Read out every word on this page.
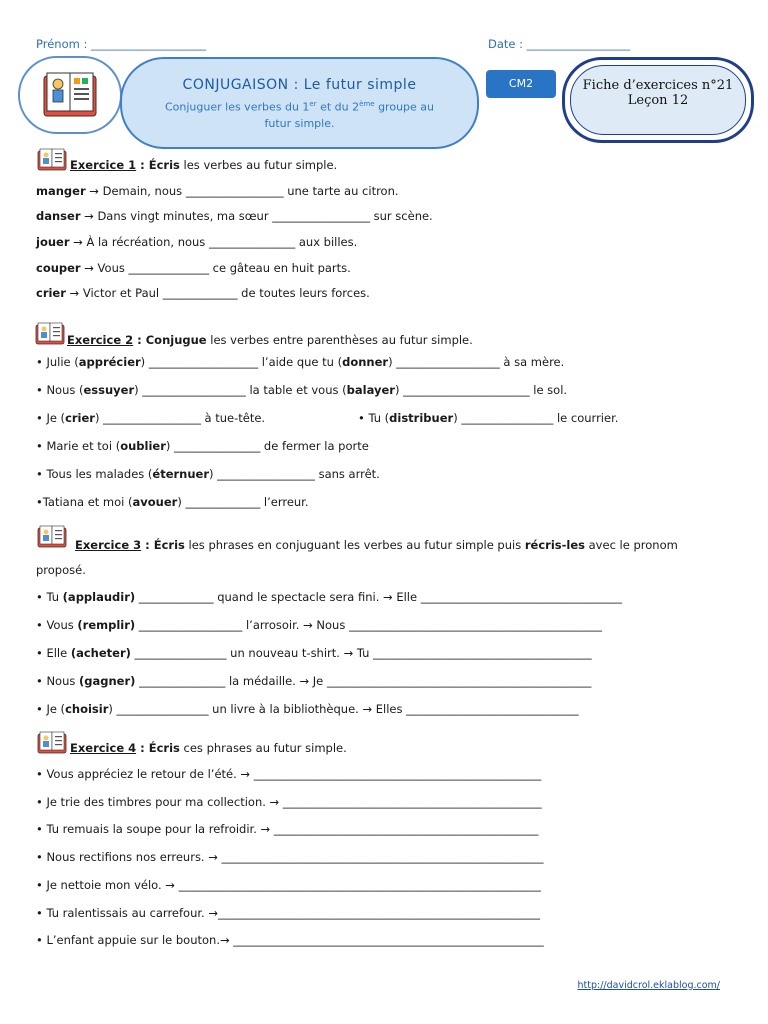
Prénom : ____________________	Date : __________________
CONJUGAISON : Le futur simple
Conjuguer les verbes du 1er et du 2ème groupe au
futur simple.
CM2	Fiche d’exercices n°21
Leçon 12
Exercice 1 : Écris les verbes au futur simple.
manger → Demain, nous _________________ une tarte au citron.
danser → Dans vingt minutes, ma sœur _________________ sur scène.
jouer → À la récréation, nous _______________ aux billes.
couper → Vous ______________ ce gâteau en huit parts.
crier → Victor et Paul _____________ de toutes leurs forces.
Exercice 2 : Conjugue les verbes entre parenthèses au futur simple.
• Julie (apprécier) ___________________ l’aide que tu (donner) __________________ à sa mère.
• Nous (essuyer) __________________ la table et vous (balayer) ______________________ le sol.
• Je (crier) _________________ à tue-tête.	• Tu (distribuer) ________________ le courrier.
• Marie et toi (oublier) _______________ de fermer la porte
• Tous les malades (éternuer) _________________ sans arrêt.
•Tatiana et moi (avouer) _____________ l’erreur.
Exercice 3 : Écris les phrases en conjuguant les verbes au futur simple puis récris-les avec le pronom
proposé.
• Tu (applaudir) _____________ quand le spectacle sera fini. → Elle ___________________________________
• Vous (remplir) __________________ l’arrosoir. → Nous ____________________________________________
• Elle (acheter) ________________ un nouveau t-shirt. → Tu ______________________________________
• Nous (gagner) _______________ la médaille. → Je ______________________________________________
• Je (choisir) ________________ un livre à la bibliothèque. → Elles ______________________________
Exercice 4 : Écris ces phrases au futur simple.
• Vous appréciez le retour de l’été. → __________________________________________________
• Je trie des timbres pour ma collection. → _____________________________________________
• Tu remuais la soupe pour la refroidir. → ______________________________________________
• Nous rectifions nos erreurs. → ________________________________________________________
• Je nettoie mon vélo. → _______________________________________________________________
• Tu ralentissais au carrefour. →________________________________________________________
• L’enfant appuie sur le bouton.→ ______________________________________________________
http://davidcrol.eklablog.com/
